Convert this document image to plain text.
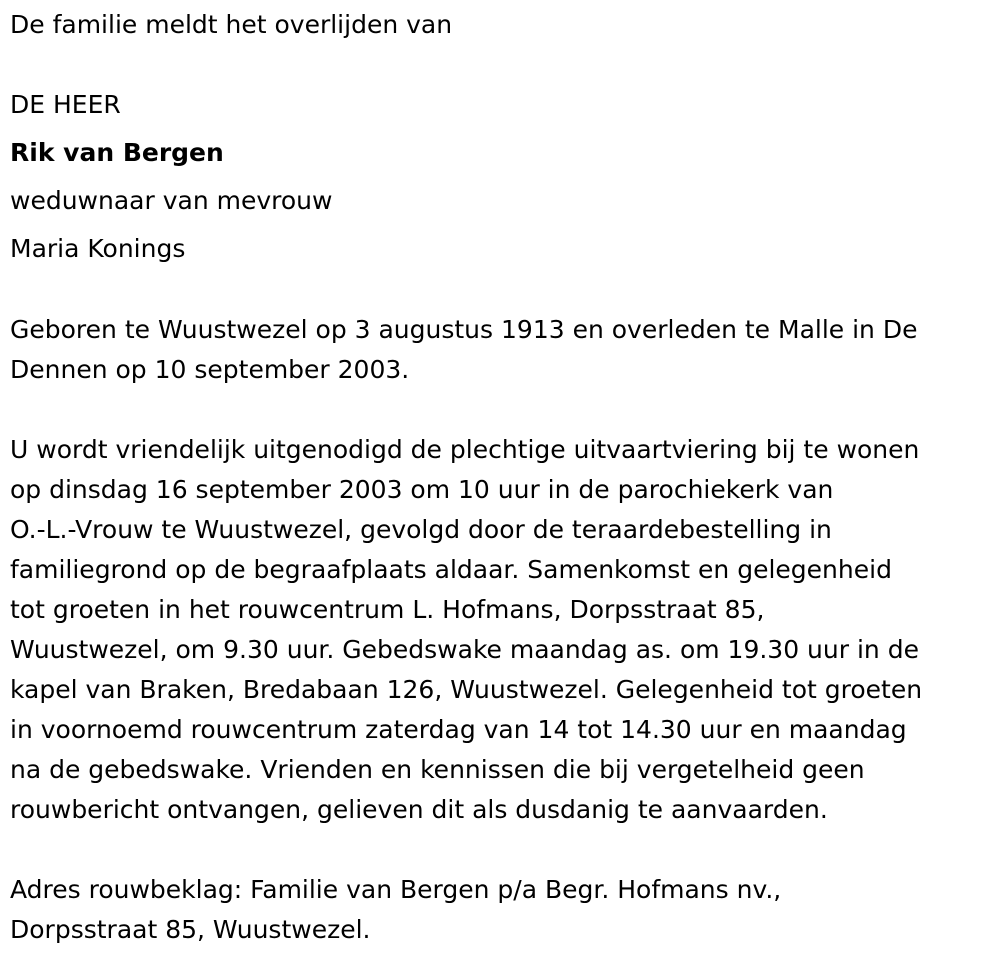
De familie meldt het overlijden van

DE HEER

Rik van Bergen

weduwnaar van mevrouw

Maria Konings

Geboren te Wuustwezel op 3 augustus 1913 en overleden te Malle in De

Dennen op 10 september 2003.

U wordt vriendelijk uitgenodigd de plechtige uitvaartviering bij te wonen

op dinsdag 16 september 2003 om 10 uur in de parochiekerk van

O.-L.-Vrouw te Wuustwezel, gevolgd door de teraardebestelling in

familiegrond op de begraafplaats aldaar. Samenkomst en gelegenheid

tot groeten in het rouwcentrum L. Hofmans, Dorpsstraat 85,

Wuustwezel, om 9.30 uur. Gebedswake maandag as. om 19.30 uur in de

kapel van Braken, Bredabaan 126, Wuustwezel. Gelegenheid tot groeten

in voornoemd rouwcentrum zaterdag van 14 tot 14.30 uur en maandag

na de gebedswake. Vrienden en kennissen die bij vergetelheid geen

rouwbericht ontvangen, gelieven dit als dusdanig te aanvaarden.

Adres rouwbeklag: Familie van Bergen p/a Begr. Hofmans nv.,

Dorpsstraat 85, Wuustwezel.
